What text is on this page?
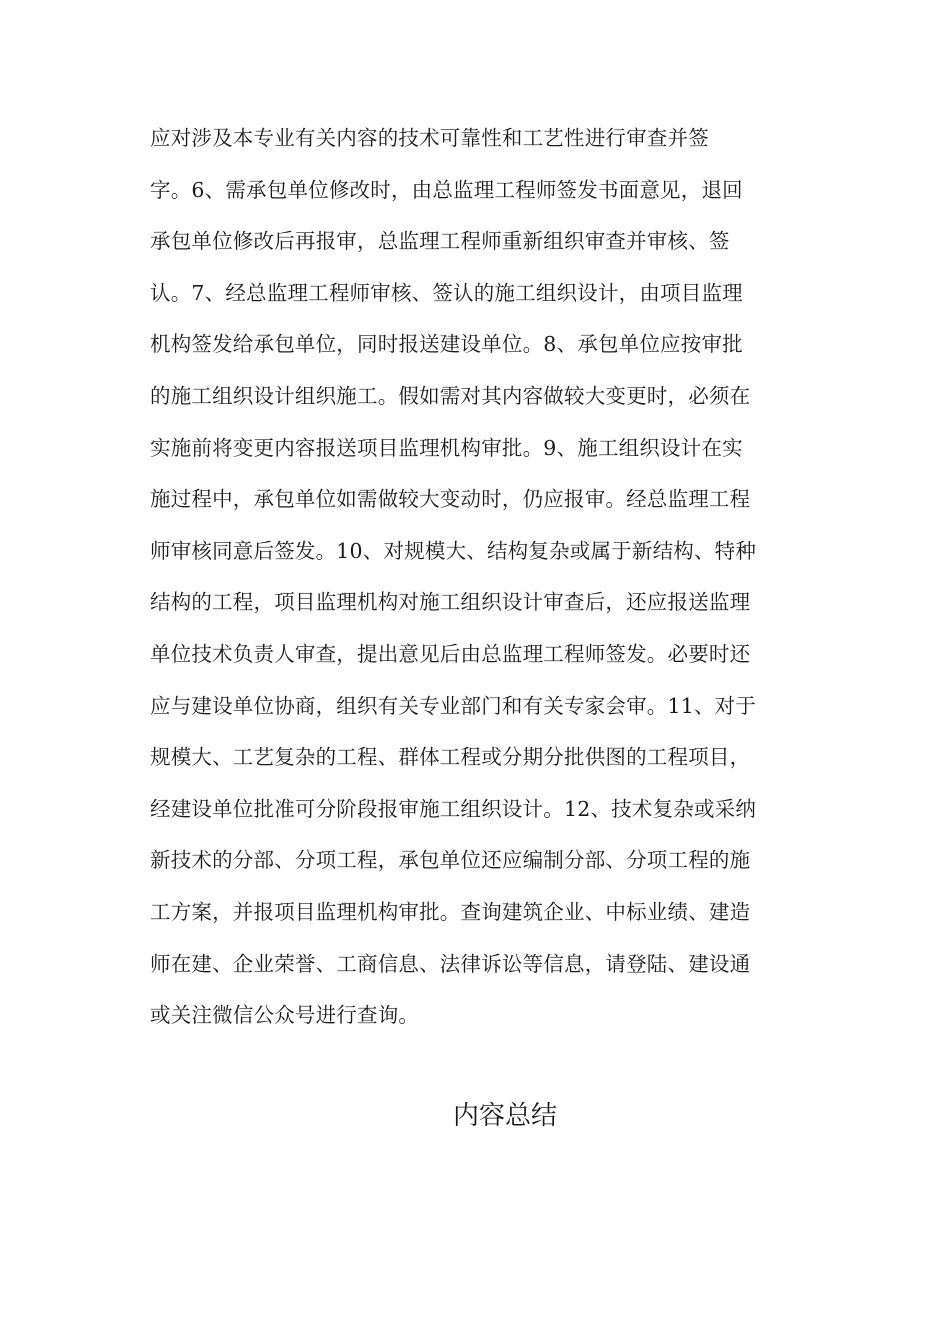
应对涉及本专业有关内容的技术可靠性和工艺性进行审查并签
字。6、需承包单位修改时，由总监理工程师签发书面意见，退回
承包单位修改后再报审，总监理工程师重新组织审查并审核、签
认。7、经总监理工程师审核、签认的施工组织设计，由项目监理
机构签发给承包单位，同时报送建设单位。8、承包单位应按审批
的施工组织设计组织施工。假如需对其内容做较大变更时，必须在
实施前将变更内容报送项目监理机构审批。9、施工组织设计在实
施过程中，承包单位如需做较大变动时，仍应报审。经总监理工程
师审核同意后签发。10、对规模大、结构复杂或属于新结构、特种
结构的工程，项目监理机构对施工组织设计审查后，还应报送监理
单位技术负责人审查，提出意见后由总监理工程师签发。必要时还
应与建设单位协商，组织有关专业部门和有关专家会审。11、对于
规模大、工艺复杂的工程、群体工程或分期分批供图的工程项目，
经建设单位批准可分阶段报审施工组织设计。12、技术复杂或采纳
新技术的分部、分项工程，承包单位还应编制分部、分项工程的施
工方案，并报项目监理机构审批。查询建筑企业、中标业绩、建造
师在建、企业荣誉、工商信息、法律诉讼等信息，请登陆、建设通
或关注微信公众号进行查询。
内容总结
